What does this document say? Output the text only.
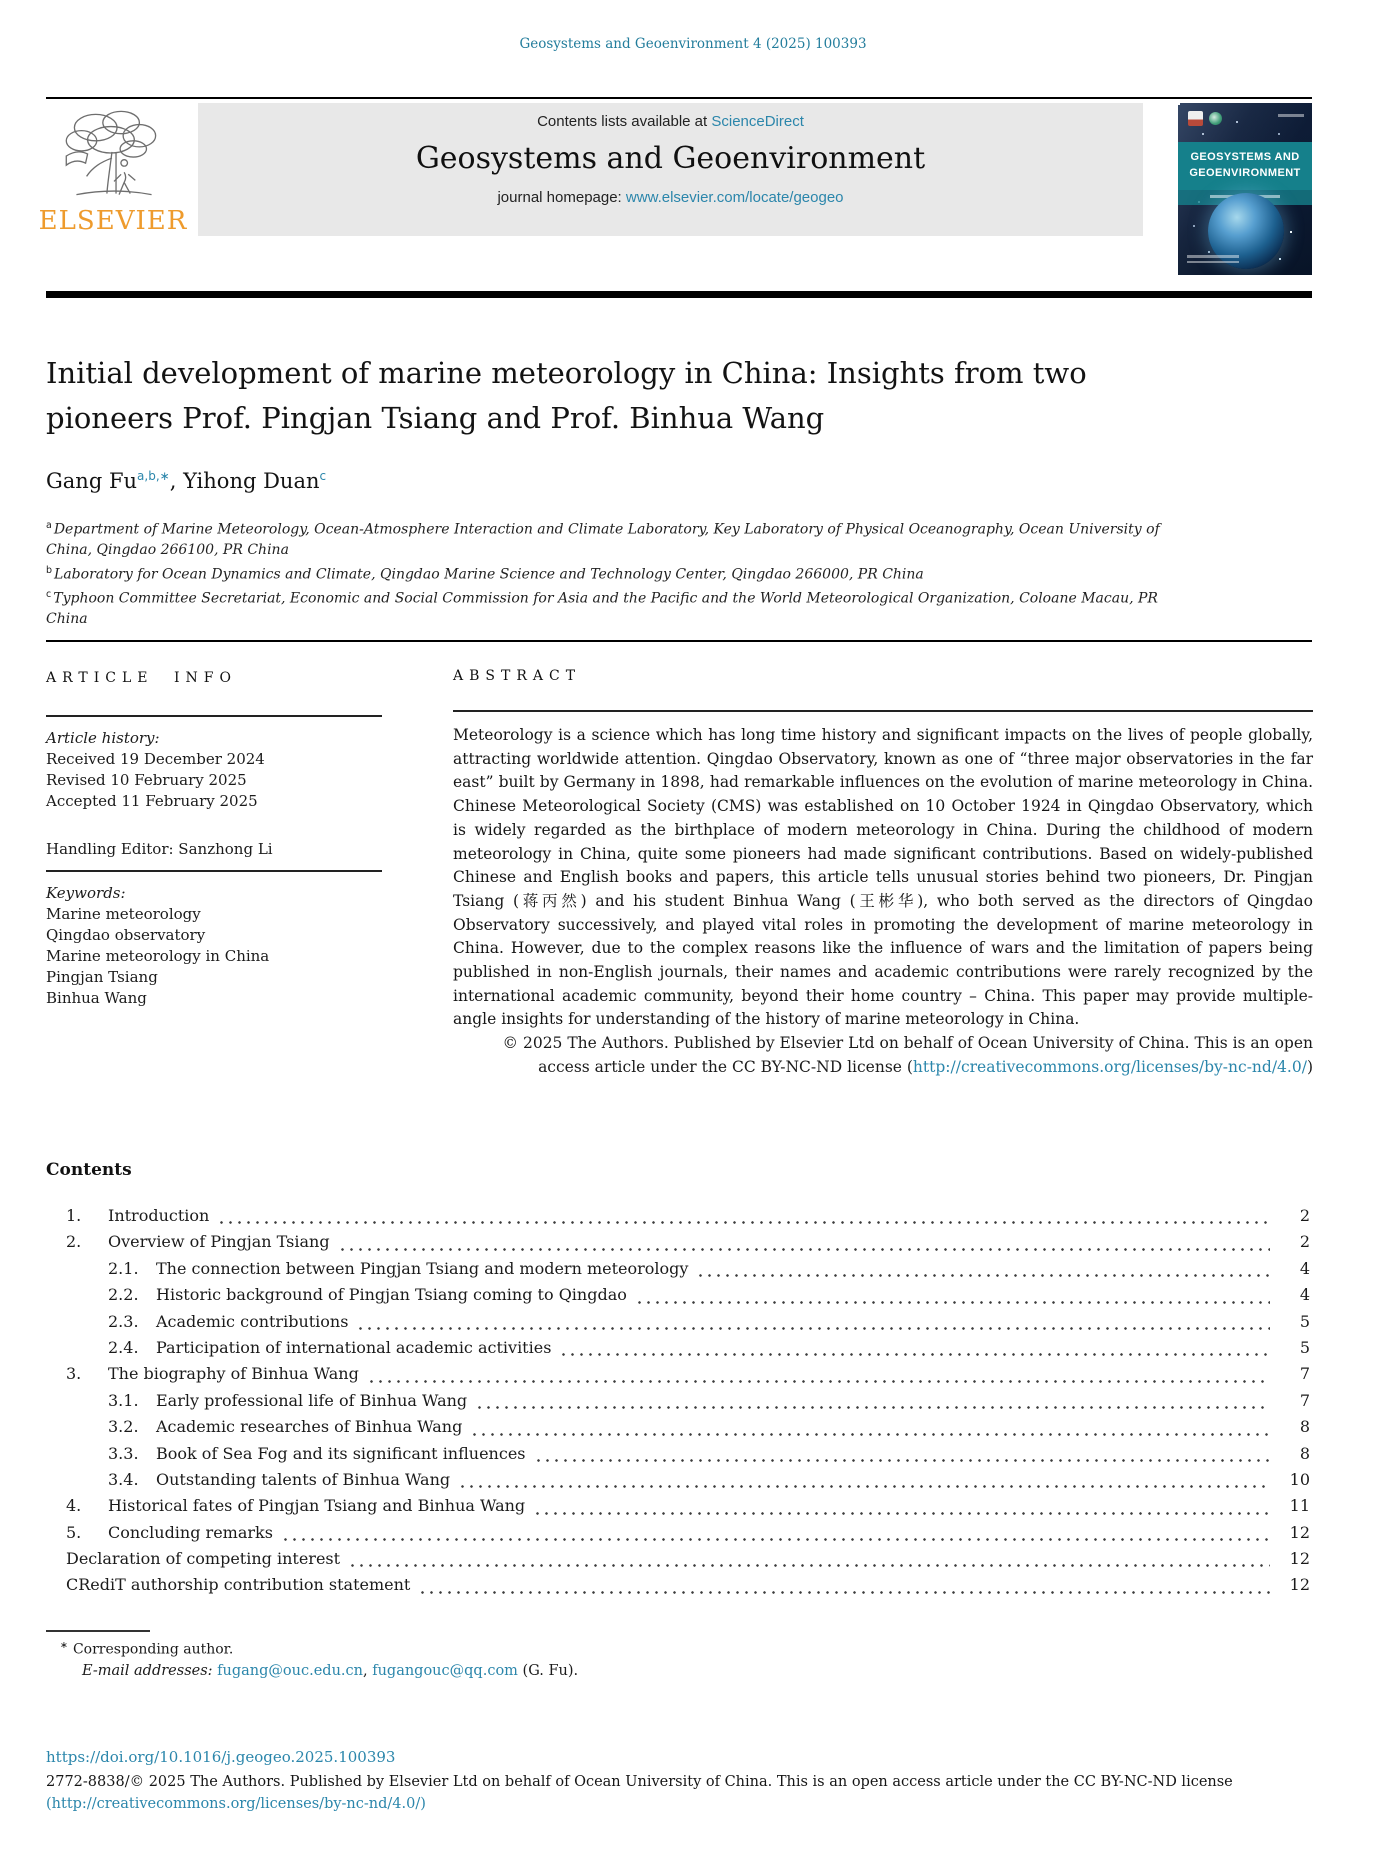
Geosystems and Geoenvironment 4 (2025) 100393
ELSEVIER
Contents lists available at ScienceDirect
Geosystems and Geoenvironment
journal homepage: www.elsevier.com/locate/geogeo
GEOSYSTEMS AND
GEOENVIRONMENT
Initial development of marine meteorology in China: Insights from two pioneers Prof. Pingjan Tsiang and Prof. Binhua Wang
Gang $Fu^{a,b,∗}$, Yihong Duan$^c$
$^a$ Department of Marine Meteorology, Ocean-Atmosphere Interaction and Climate Laboratory, Key Laboratory of Physical Oceanography, Ocean University of China, Qingdao 266100, PR China
$^b$ Laboratory for Ocean Dynamics and Climate, Qingdao Marine Science and Technology Center, Qingdao 266000, PR China
$^c$ Typhoon Committee Secretariat, Economic and Social Commission for Asia and the Pacific and the World Meteorological Organization, Coloane Macau, PR China
ARTICLE INFO
Article history:
Received 19 December 2024
Revised 10 February 2025
Accepted 11 February 2025
Handling Editor: Sanzhong Li
Keywords:
Marine meteorology
Qingdao observatory
Marine meteorology in China
Pingjan Tsiang
Binhua Wang
ABSTRACT

Meteorology is a science which has long time history and significant impacts on the lives of people globally, attracting worldwide attention. Qingdao Observatory, known as one of “three major observatories in the far east” built by Germany in 1898, had remarkable influences on the evolution of marine meteorology in China. Chinese Meteorological Society (CMS) was established on 10 October 1924 in Qingdao Observatory, which is widely regarded as the birthplace of modern meteorology in China. During the childhood of modern meteorology in China, quite some pioneers had made significant contributions. Based on widely-published Chinese and English books and papers, this article tells unusual stories behind two pioneers, Dr. Pingjan Tsiang (蒋丙然) and his student Binhua Wang (王彬华), who both served as the directors of Qingdao Observatory successively, and played vital roles in promoting the development of marine meteorology in China. However, due to the complex reasons like the influence of wars and the limitation of papers being published in non-English journals, their names and academic contributions were rarely recognized by the international academic community, beyond their home country – China. This paper may provide multiple-angle insights for understanding of the history of marine meteorology in China.

© 2025 The Authors. Published by Elsevier Ltd on behalf of Ocean University of China. This is an open
access article under the CC BY-NC-ND license (http://creativecommons.org/licenses/by-nc-nd/4.0/)
Contents
1.	Introduction	2
2.	Overview of Pingjan Tsiang	2
2.1.	The connection between Pingjan Tsiang and modern meteorology	4
2.2.	Historic background of Pingjan Tsiang coming to Qingdao	4
2.3.	Academic contributions	5
2.4.	Participation of international academic activities	5
3.	The biography of Binhua Wang	7
3.1.	Early professional life of Binhua Wang	7
3.2.	Academic researches of Binhua Wang	8
3.3.	Book of Sea Fog and its significant influences	8
3.4.	Outstanding talents of Binhua Wang	10
4.	Historical fates of Pingjan Tsiang and Binhua Wang	11
5.	Concluding remarks	12
Declaration of competing interest	12
CRediT authorship contribution statement	12
∗ Corresponding author.
E-mail addresses: fugang@ouc.edu.cn, fugangouc@qq.com (G. Fu).
https://doi.org/10.1016/j.geogeo.2025.100393
2772-8838/© 2025 The Authors. Published by Elsevier Ltd on behalf of Ocean University of China. This is an open access article under the CC BY-NC-ND license
(http://creativecommons.org/licenses/by-nc-nd/4.0/)
